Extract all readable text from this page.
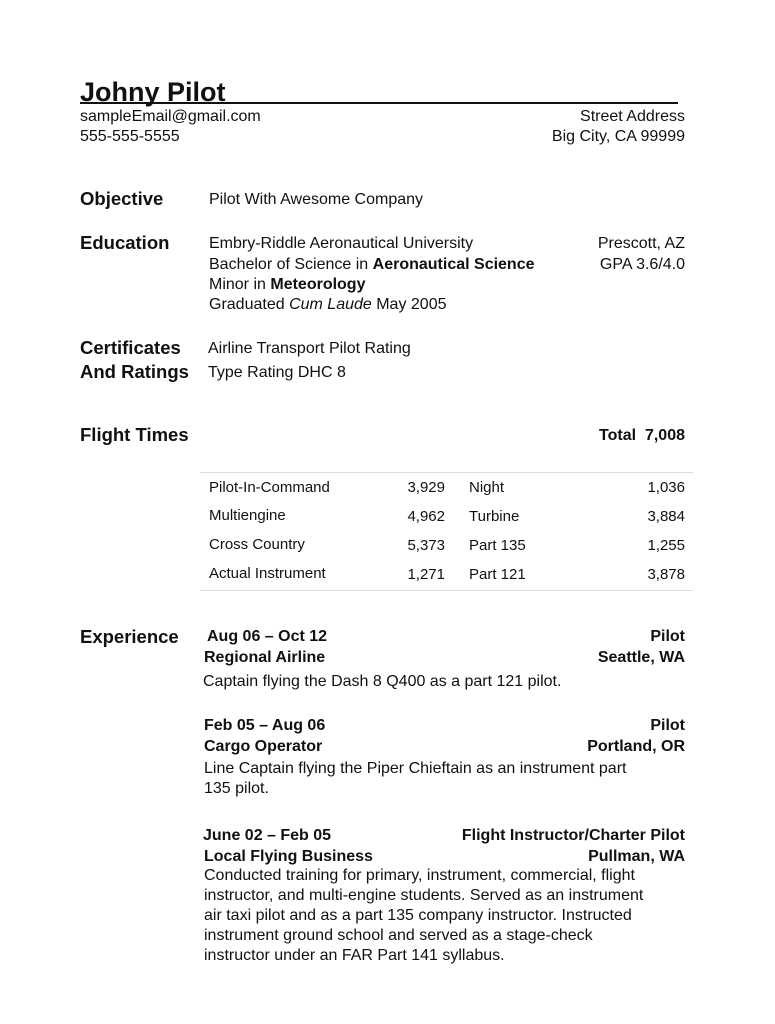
Johny Pilot
sampleEmail@gmail.com
555-555-5555
Street Address
Big City, CA 99999
Objective	Pilot With Awesome Company
Education Embry-Riddle Aeronautical University	Prescott, AZ
Bachelor of Science in Aeronautical Science	GPA 3.6/4.0
Minor in Meteorology
Graduated Cum Laude May 2005
Certificates
And Ratings
Airline Transport Pilot Rating
Type Rating DHC 8
Flight Times	Total 7,008
Pilot-In-Command	3,929 Night	1,036
Multiengine	4,962 Turbine	3,884
Cross Country	5,373 Part 135	1,255
Actual Instrument	1,271 Part 121	3,878
Experience Aug 06 – Oct 12	Pilot
Regional Airline	Seattle, WA
Captain flying the Dash 8 Q400 as a part 121 pilot.
Feb 05 – Aug 06	Pilot
Cargo Operator	Portland, OR
Line Captain flying the Piper Chieftain as an instrument part
135 pilot.
June 02 – Feb 05	Flight Instructor/Charter Pilot
Local Flying Business	Pullman, WA
Conducted training for primary, instrument, commercial, flight
instructor, and multi-engine students. Served as an instrument
air taxi pilot and as a part 135 company instructor. Instructed
instrument ground school and served as a stage-check
instructor under an FAR Part 141 syllabus.
